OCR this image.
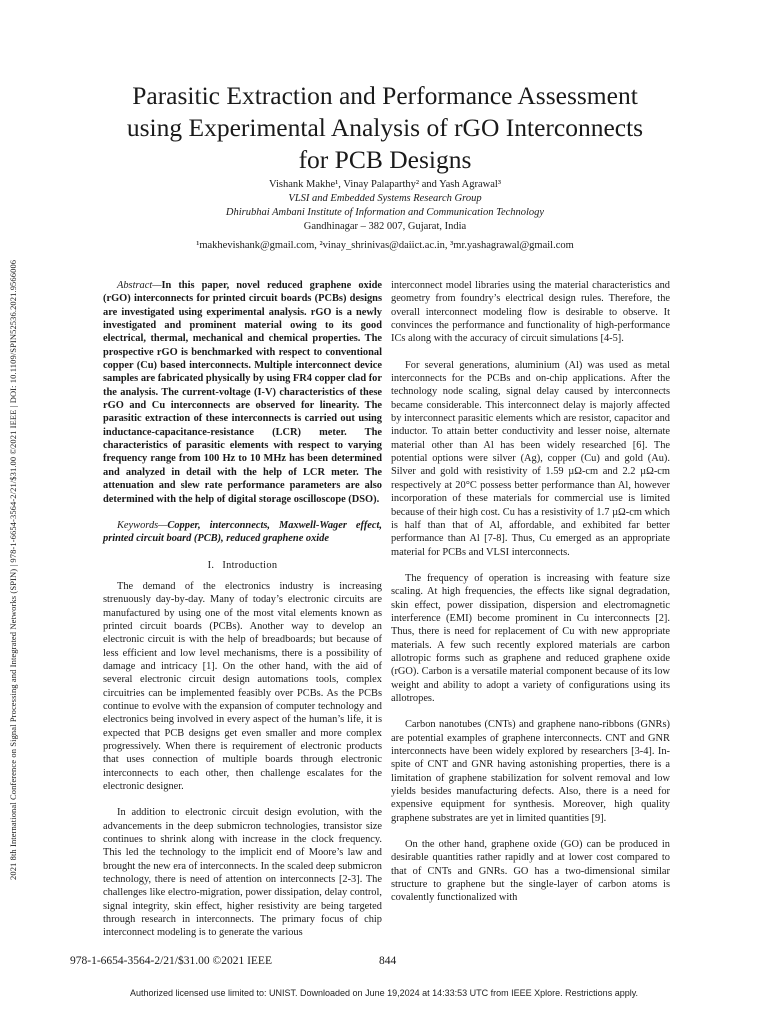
2021 8th International Conference on Signal Processing and Integrated Networks (SPIN) | 978-1-6654-3564-2/21/$31.00 ©2021 IEEE | DOI: 10.1109/SPIN52536.2021.9566006
Parasitic Extraction and Performance Assessment
using Experimental Analysis of rGO Interconnects
for PCB Designs
Vishank Makhe¹, Vinay Palaparthy² and Yash Agrawal³
VLSI and Embedded Systems Research Group
Dhirubhai Ambani Institute of Information and Communication Technology
Gandhinagar – 382 007, Gujarat, India
¹makhevishank@gmail.com, ²vinay_shrinivas@daiict.ac.in, ³mr.yashagrawal@gmail.com

Abstract—In this paper, novel reduced graphene oxide (rGO) interconnects for printed circuit boards (PCBs) designs are investigated using experimental analysis. rGO is a newly investigated and prominent material owing to its good electrical, thermal, mechanical and chemical properties. The prospective rGO is benchmarked with respect to conventional copper (Cu) based interconnects. Multiple interconnect device samples are fabricated physically by using FR4 copper clad for the analysis. The current-voltage (I-V) characteristics of these rGO and Cu interconnects are observed for linearity. The parasitic extraction of these interconnects is carried out using inductance-capacitance-resistance (LCR) meter. The characteristics of parasitic elements with respect to varying frequency range from 100 Hz to 10 MHz has been determined and analyzed in detail with the help of LCR meter. The attenuation and slew rate performance parameters are also determined with the help of digital storage oscilloscope (DSO).

Keywords—Copper, interconnects, Maxwell-Wager effect, printed circuit board (PCB), reduced graphene oxide

I. Introduction

The demand of the electronics industry is increasing strenuously day-by-day. Many of today’s electronic circuits are manufactured by using one of the most vital elements known as printed circuit boards (PCBs). Another way to develop an electronic circuit is with the help of breadboards; but because of less efficient and low level mechanisms, there is a possibility of damage and intricacy [1]. On the other hand, with the aid of several electronic circuit design automations tools, complex circuitries can be implemented feasibly over PCBs. As the PCBs continue to evolve with the expansion of computer technology and electronics being involved in every aspect of the human’s life, it is expected that PCB designs get even smaller and more complex progressively. When there is requirement of electronic products that uses connection of multiple boards through electronic interconnects to each other, then challenge escalates for the electronic designer.

In addition to electronic circuit design evolution, with the advancements in the deep submicron technologies, transistor size continues to shrink along with increase in the clock frequency. This led the technology to the implicit end of Moore’s law and brought the new era of interconnects. In the scaled deep submicron technology, there is need of attention on interconnects [2-3]. The challenges like electro-migration, power dissipation, delay control, signal integrity, skin effect, higher resistivity are being targeted through research in interconnects. The primary focus of chip interconnect modeling is to generate the various

interconnect model libraries using the material characteristics and geometry from foundry’s electrical design rules. Therefore, the overall interconnect modeling flow is desirable to observe. It convinces the performance and functionality of high-performance ICs along with the accuracy of circuit simulations [4-5].

For several generations, aluminium (Al) was used as metal interconnects for the PCBs and on-chip applications. After the technology node scaling, signal delay caused by interconnects became considerable. This interconnect delay is majorly affected by interconnect parasitic elements which are resistor, capacitor and inductor. To attain better conductivity and lesser noise, alternate material other than Al has been widely researched [6]. The potential options were silver (Ag), copper (Cu) and gold (Au). Silver and gold with resistivity of 1.59 µΩ-cm and 2.2 µΩ-cm respectively at 20°C possess better performance than Al, however incorporation of these materials for commercial use is limited because of their high cost. Cu has a resistivity of 1.7 µΩ-cm which is half than that of Al, affordable, and exhibited far better performance than Al [7-8]. Thus, Cu emerged as an appropriate material for PCBs and VLSI interconnects.

The frequency of operation is increasing with feature size scaling. At high frequencies, the effects like signal degradation, skin effect, power dissipation, dispersion and electromagnetic interference (EMI) become prominent in Cu interconnects [2]. Thus, there is need for replacement of Cu with new appropriate materials. A few such recently explored materials are carbon allotropic forms such as graphene and reduced graphene oxide (rGO). Carbon is a versatile material component because of its low weight and ability to adopt a variety of configurations using its allotropes.

Carbon nanotubes (CNTs) and graphene nano-ribbons (GNRs) are potential examples of graphene interconnects. CNT and GNR interconnects have been widely explored by researchers [3-4]. In-spite of CNT and GNR having astonishing properties, there is a limitation of graphene stabilization for solvent removal and low yields besides manufacturing defects. Also, there is a need for expensive equipment for synthesis. Moreover, high quality graphene substrates are yet in limited quantities [9].

On the other hand, graphene oxide (GO) can be produced in desirable quantities rather rapidly and at lower cost compared to that of CNTs and GNRs. GO has a two-dimensional similar structure to graphene but the single-layer of carbon atoms is covalently functionalized with

978-1-6654-3564-2/21/$31.00 ©2021 IEEE	844
Authorized licensed use limited to: UNIST. Downloaded on June 19,2024 at 14:33:53 UTC from IEEE Xplore. Restrictions apply.
